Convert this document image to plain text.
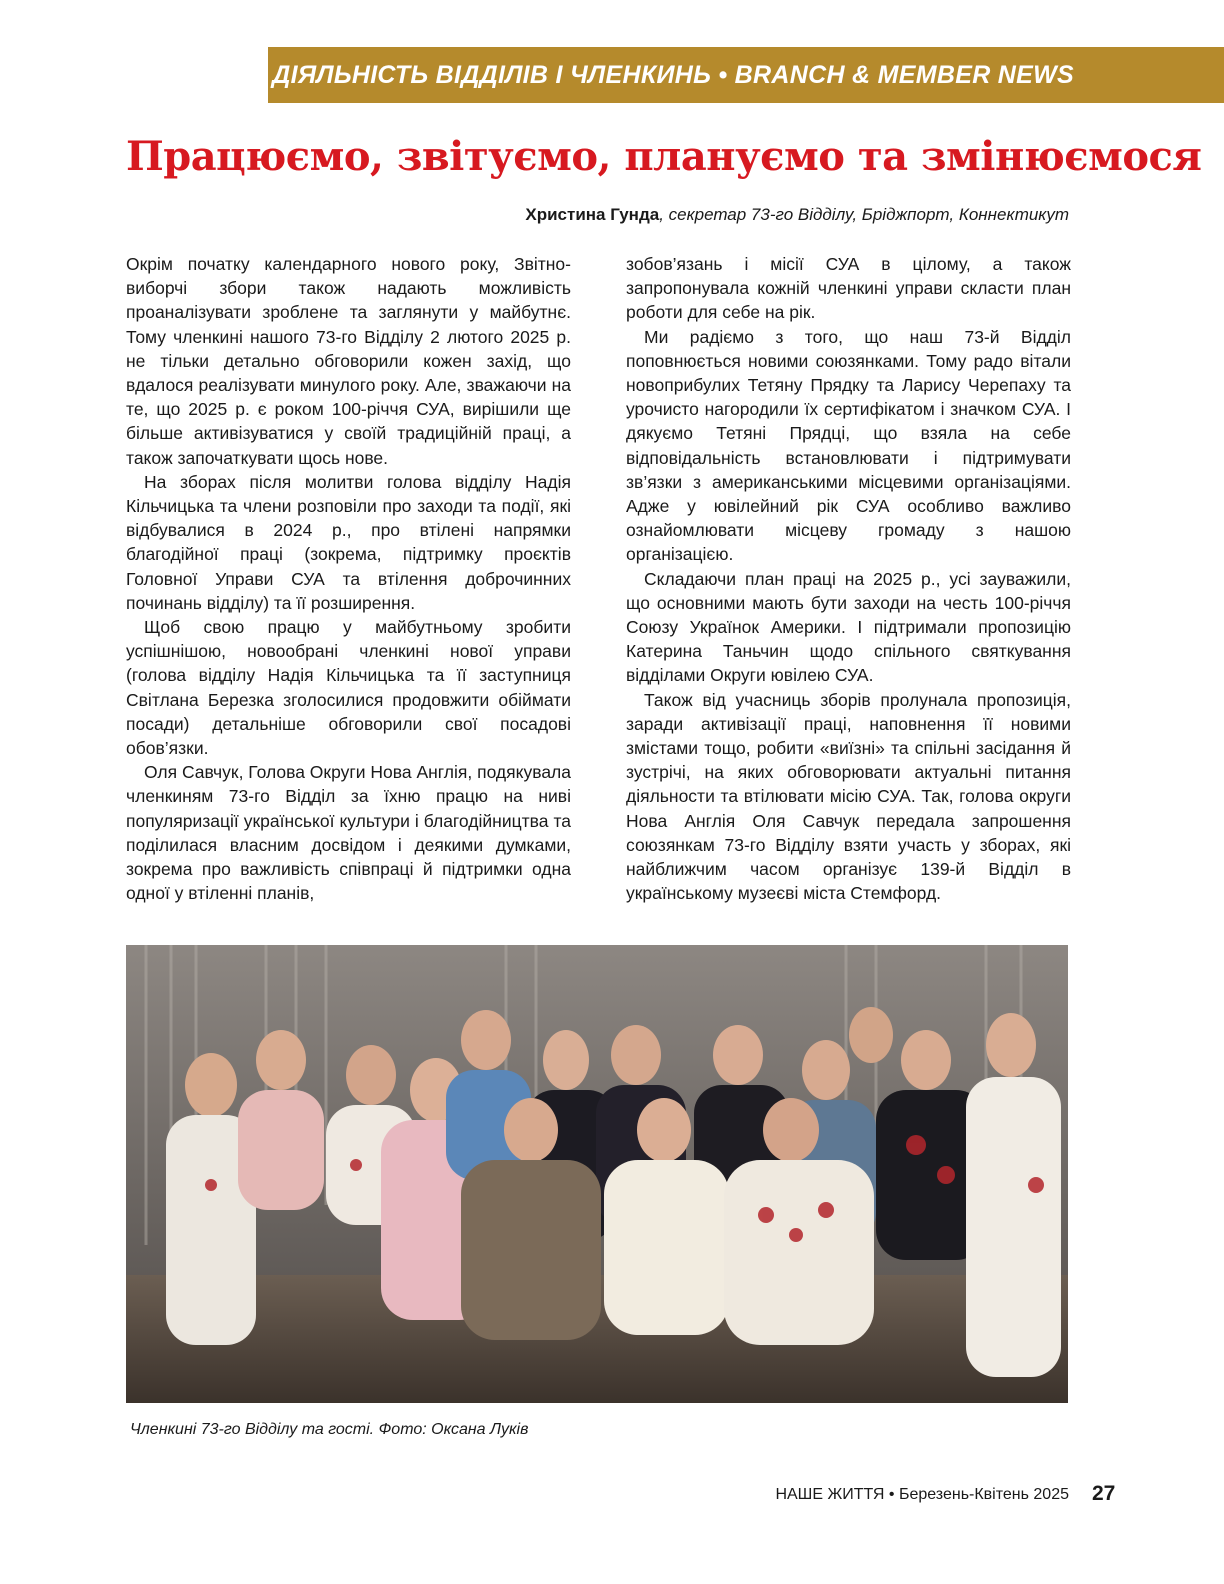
ДІЯЛЬНІСТЬ ВІДДІЛІВ І ЧЛЕНКИНЬ • BRANCH & MEMBER NEWS
Працюємо, звітуємо, плануємо та змінюємося
Христина Гунда, секретар 73-го Відділу, Бріджпорт, Коннектикут

Окрім початку календарного нового року, Звітно-виборчі збори також надають можливість проаналізувати зроблене та заглянути у майбутнє. Тому членкині нашого 73-го Відділу 2 лютого 2025 р. не тільки детально обговорили кожен захід, що вдалося реалізувати минулого року. Але, зважаючи на те, що 2025 р. є роком 100-річчя СУА, вирішили ще більше активізуватися у своїй традиційній праці, а також започаткувати щось нове.

На зборах після молитви голова відділу Надія Кільчицька та члени розповіли про заходи та події, які відбувалися в 2024 р., про втілені напрямки благодійної праці (зокрема, підтримку проєктів Головної Управи СУА та втілення доброчинних починань відділу) та її розширення.

Щоб свою працю у майбутньому зробити успішнішою, новообрані членкині нової управи (голова відділу Надія Кільчицька та її заступниця Світлана Березка зголосилися продовжити обіймати посади) детальніше обговорили свої посадові обов’язки.

Оля Савчук, Голова Округи Нова Англія, подякувала членкиням 73-го Відділ за їхню працю на ниві популяризації української культури і благодійництва та поділилася власним досвідом і деякими думками, зокрема про важливість співпраці й підтримки одна одної у втіленні планів,

зобов’язань і місії СУА в цілому, а також запропонувала кожній членкині управи скласти план роботи для себе на рік.

Ми радіємо з того, що наш 73-й Відділ поповнюється новими союзянками. Тому радо вітали новоприбулих Тетяну Прядку та Ларису Черепаху та урочисто нагородили їх сертифікатом і значком СУА. І дякуємо Тетяні Прядці, що взяла на себе відповідальність встановлювати і підтримувати зв’язки з американськими місцевими організаціями. Адже у ювілейний рік СУА особливо важливо ознайомлювати місцеву громаду з нашою організацією.

Складаючи план праці на 2025 р., усі зауважили, що основними мають бути заходи на честь 100-річчя Союзу Українок Америки. І підтримали пропозицію Катерина Таньчин щодо спільного святкування відділами Округи ювілею СУА.

Також від учасниць зборів пролунала пропозиція, заради активізації праці, наповнення її новими змістами тощо, робити «виїзні» та спільні засідання й зустрічі, на яких обговорювати актуальні питання діяльности та втілювати місію СУА. Так, голова округи Нова Англія Оля Савчук передала запрошення союзянкам 73-го Відділу взяти участь у зборах, які найближчим часом організує 139-й Відділ в українському музеєві міста Стемфорд.

Членкині 73-го Відділу та гості. Фото: Оксана Луків
НАШЕ ЖИТТЯ • Березень-Квітень 2025 27
